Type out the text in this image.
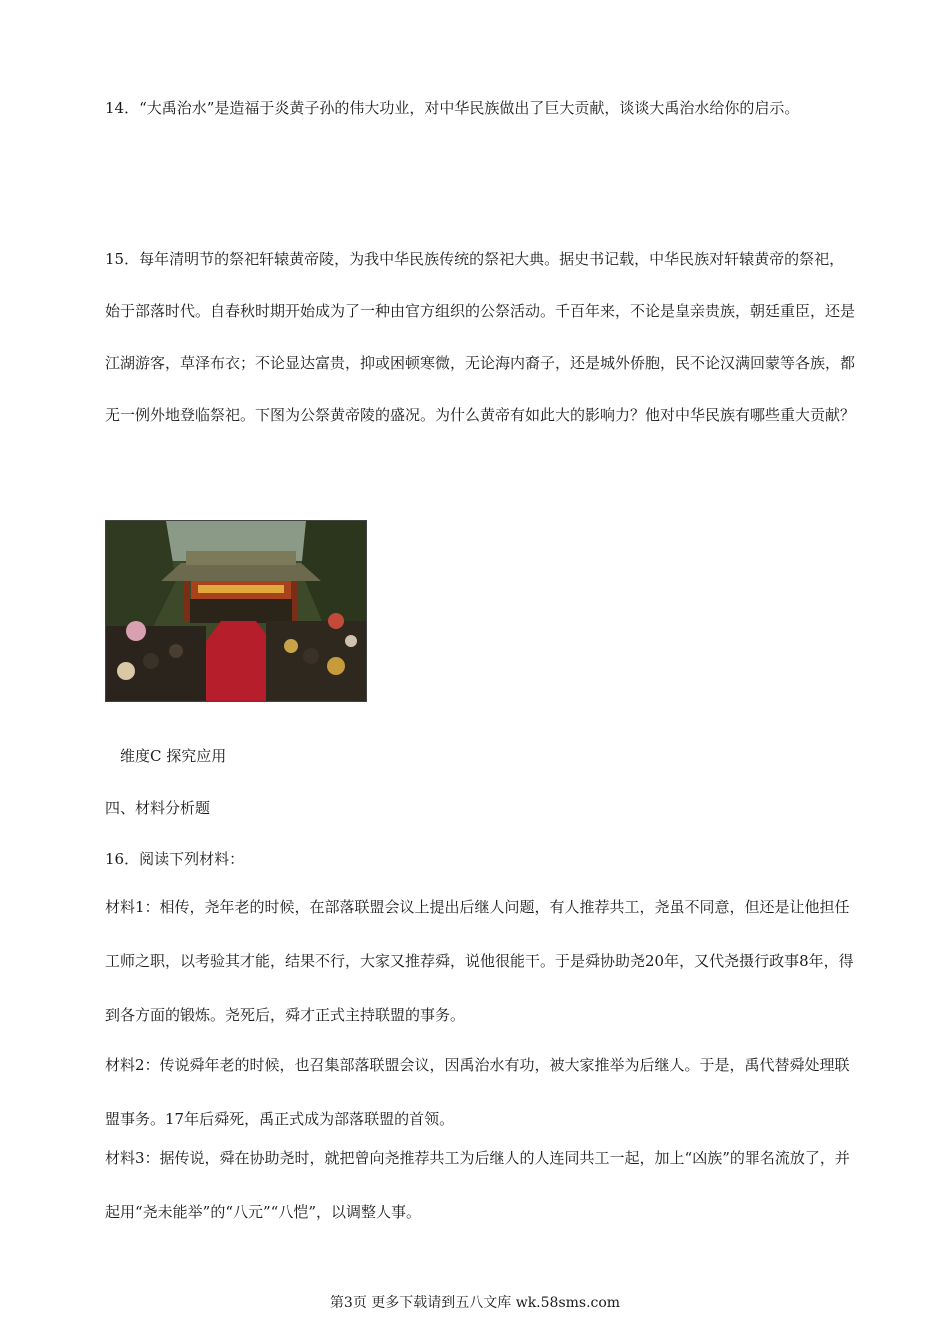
14．“大禹治水”是造福于炎黄子孙的伟大功业，对中华民族做出了巨大贡献，谈谈大禹治水给你的启示。

15．每年清明节的祭祀轩辕黄帝陵，为我中华民族传统的祭祀大典。据史书记载，中华民族对轩辕黄帝的祭祀，始于部落时代。自春秋时期开始成为了一种由官方组织的公祭活动。千百年来，不论是皇亲贵族，朝廷重臣，还是江湖游客，草泽布衣；不论显达富贵，抑或困顿寒微，无论海内裔子，还是城外侨胞，民不论汉满回蒙等各族，都无一例外地登临祭祀。下图为公祭黄帝陵的盛况。为什么黄帝有如此大的影响力？他对中华民族有哪些重大贡献？

维度C 探究应用
四、材料分析题
16．阅读下列材料：

材料1：相传，尧年老的时候，在部落联盟会议上提出后继人问题，有人推荐共工，尧虽不同意，但还是让他担任工师之职，以考验其才能，结果不行，大家又推荐舜，说他很能干。于是舜协助尧20年，又代尧摄行政事8年，得到各方面的锻炼。尧死后，舜才正式主持联盟的事务。

材料2：传说舜年老的时候，也召集部落联盟会议，因禹治水有功，被大家推举为后继人。于是，禹代替舜处理联盟事务。17年后舜死，禹正式成为部落联盟的首领。

材料3：据传说，舜在协助尧时，就把曾向尧推荐共工为后继人的人连同共工一起，加上“凶族”的罪名流放了，并起用“尧未能举”的“八元”“八恺”，以调整人事。

第3页 更多下载请到五八文库 wk.58sms.com
